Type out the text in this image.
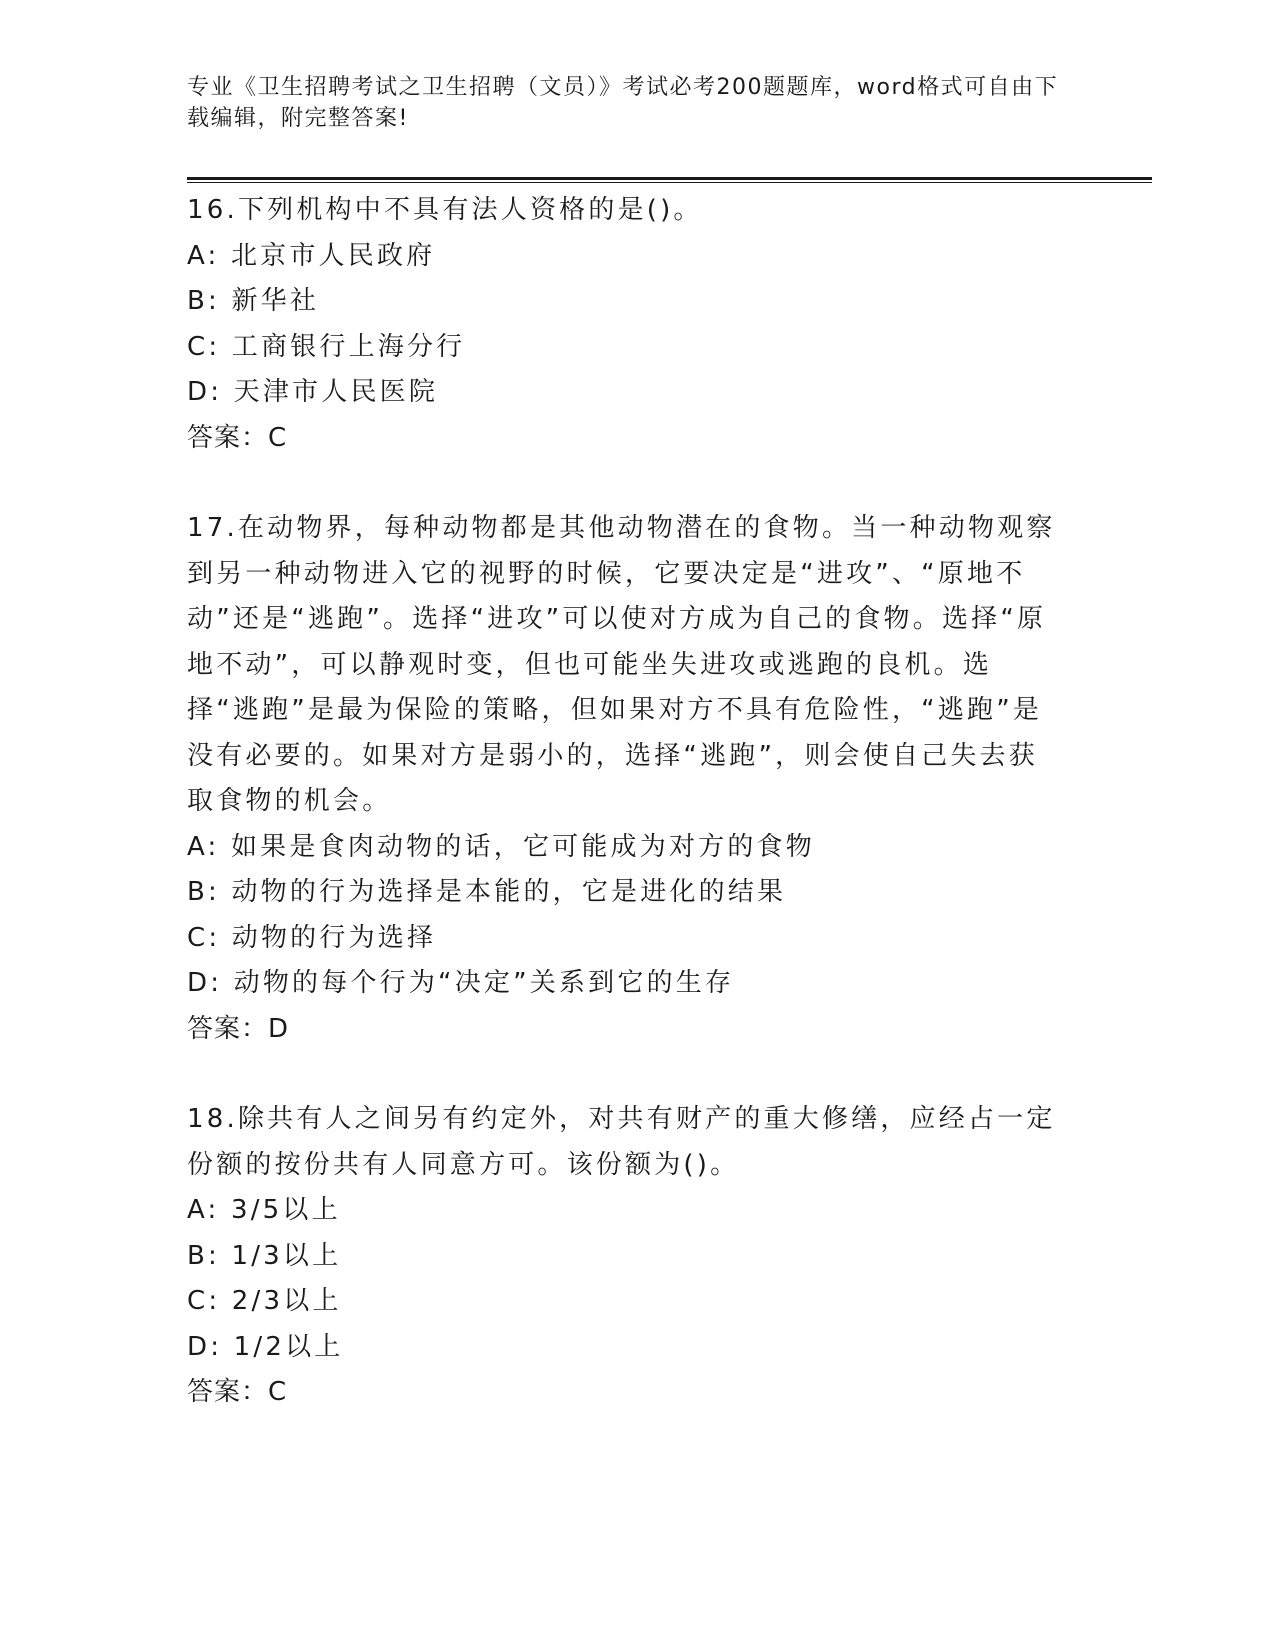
专业《卫生招聘考试之卫生招聘（文员）》考试必考200题题库，word格式可自由下载编辑，附完整答案!

16.下列机构中不具有法人资格的是()。

A: 北京市人民政府

B: 新华社

C: 工商银行上海分行

D: 天津市人民医院

答案：C

17.在动物界，每种动物都是其他动物潜在的食物。当一种动物观察到另一种动物进入它的视野的时候，它要决定是“进攻”、“原地不动”还是“逃跑”。选择“进攻”可以使对方成为自己的食物。选择“原地不动”，可以静观时变，但也可能坐失进攻或逃跑的良机。选择“逃跑”是最为保险的策略，但如果对方不具有危险性，“逃跑”是没有必要的。如果对方是弱小的，选择“逃跑”，则会使自己失去获取食物的机会。

A: 如果是食肉动物的话，它可能成为对方的食物

B: 动物的行为选择是本能的，它是进化的结果

C: 动物的行为选择

D: 动物的每个行为“决定”关系到它的生存

答案：D

18.除共有人之间另有约定外，对共有财产的重大修缮，应经占一定份额的按份共有人同意方可。该份额为()。

A: 3/5以上

B: 1/3以上

C: 2/3以上

D: 1/2以上

答案：C
